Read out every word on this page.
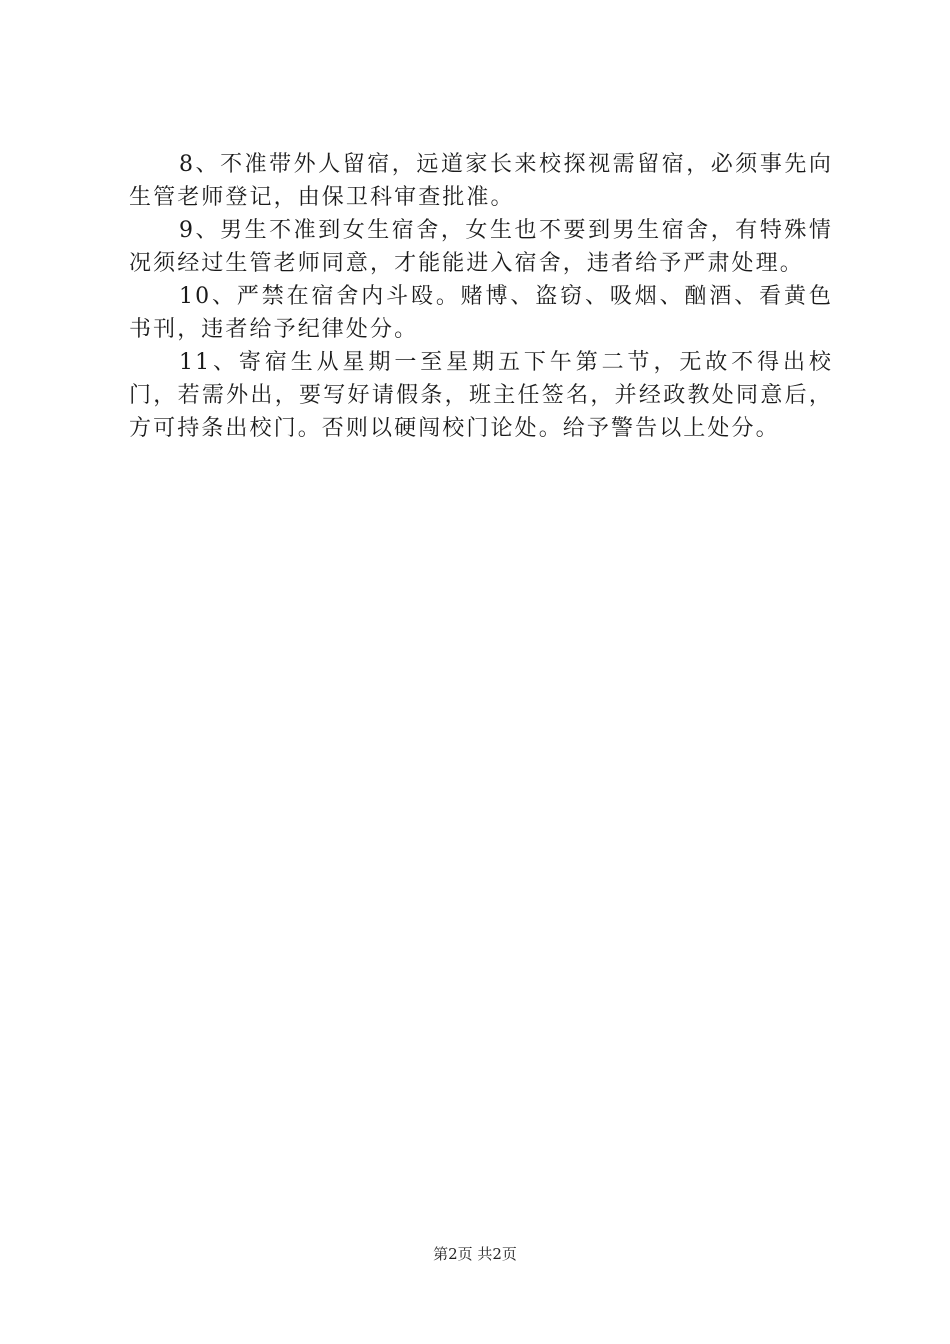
8、不准带外人留宿，远道家长来校探视需留宿，必须事先向生管老师登记，由保卫科审查批准。

9、男生不准到女生宿舍，女生也不要到男生宿舍，有特殊情况须经过生管老师同意，才能能进入宿舍，违者给予严肃处理。

10、严禁在宿舍内斗殴。赌博、盗窃、吸烟、酗酒、看黄色书刊，违者给予纪律处分。

11、寄宿生从星期一至星期五下午第二节，无故不得出校门，若需外出，要写好请假条，班主任签名，并经政教处同意后，方可持条出校门。否则以硬闯校门论处。给予警告以上处分。

第2页 共2页
